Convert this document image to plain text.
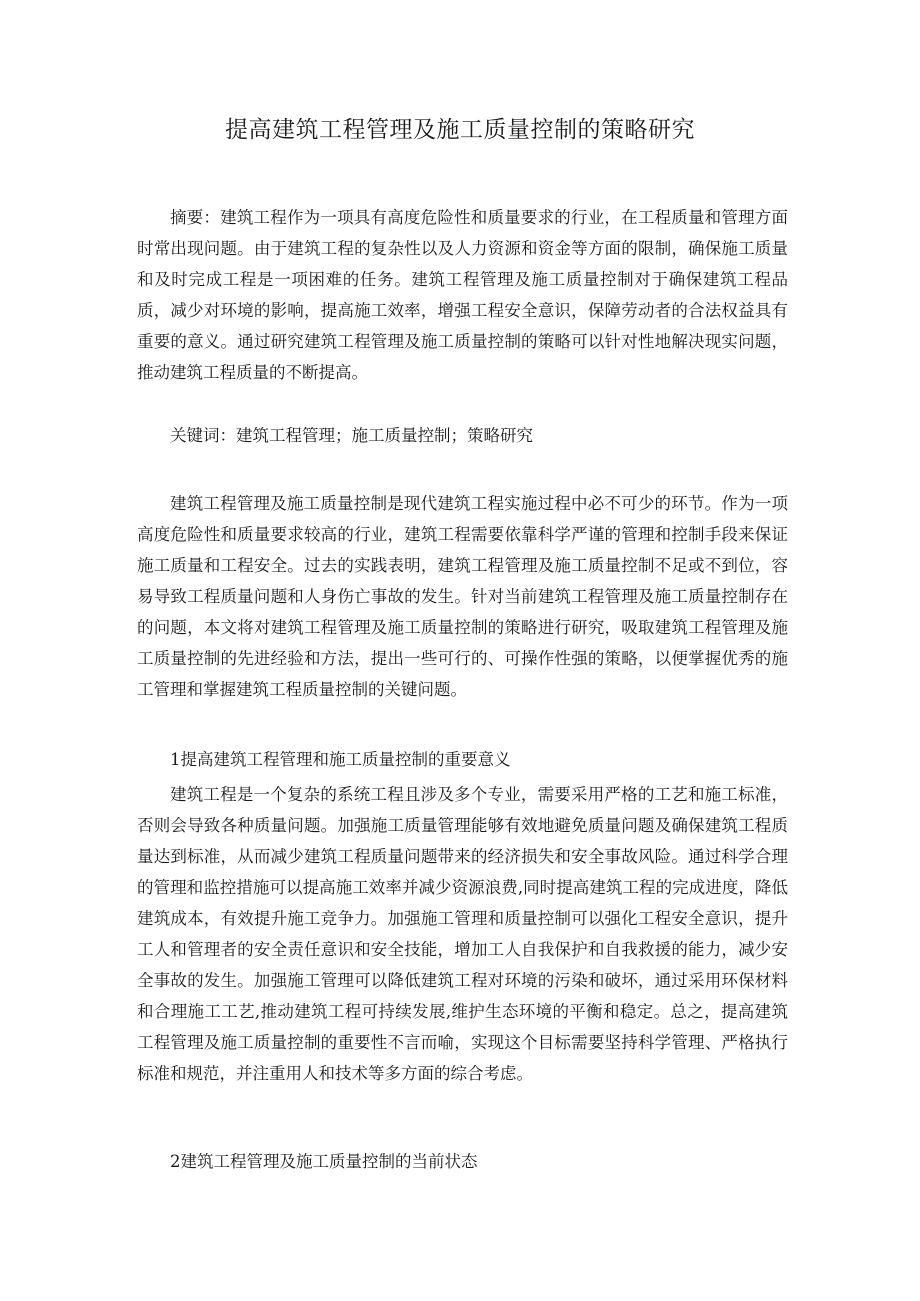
提高建筑工程管理及施工质量控制的策略研究

摘要：建筑工程作为一项具有高度危险性和质量要求的行业，在工程质量和管理方面时常出现问题。由于建筑工程的复杂性以及人力资源和资金等方面的限制，确保施工质量和及时完成工程是一项困难的任务。建筑工程管理及施工质量控制对于确保建筑工程品质，减少对环境的影响，提高施工效率，增强工程安全意识，保障劳动者的合法权益具有重要的意义。通过研究建筑工程管理及施工质量控制的策略可以针对性地解决现实问题，推动建筑工程质量的不断提高。

关键词：建筑工程管理；施工质量控制；策略研究

建筑工程管理及施工质量控制是现代建筑工程实施过程中必不可少的环节。作为一项高度危险性和质量要求较高的行业，建筑工程需要依靠科学严谨的管理和控制手段来保证施工质量和工程安全。过去的实践表明，建筑工程管理及施工质量控制不足或不到位，容易导致工程质量问题和人身伤亡事故的发生。针对当前建筑工程管理及施工质量控制存在的问题，本文将对建筑工程管理及施工质量控制的策略进行研究，吸取建筑工程管理及施工质量控制的先进经验和方法，提出一些可行的、可操作性强的策略，以便掌握优秀的施工管理和掌握建筑工程质量控制的关键问题。

1提高建筑工程管理和施工质量控制的重要意义

建筑工程是一个复杂的系统工程且涉及多个专业，需要采用严格的工艺和施工标准，否则会导致各种质量问题。加强施工质量管理能够有效地避免质量问题及确保建筑工程质量达到标准，从而减少建筑工程质量问题带来的经济损失和安全事故风险。通过科学合理的管理和监控措施可以提高施工效率并减少资源浪费,同时提高建筑工程的完成进度，降低建筑成本，有效提升施工竞争力。加强施工管理和质量控制可以强化工程安全意识，提升工人和管理者的安全责任意识和安全技能，增加工人自我保护和自我救援的能力，减少安全事故的发生。加强施工管理可以降低建筑工程对环境的污染和破坏，通过采用环保材料和合理施工工艺,推动建筑工程可持续发展,维护生态环境的平衡和稳定。总之，提高建筑工程管理及施工质量控制的重要性不言而喻，实现这个目标需要坚持科学管理、严格执行标准和规范，并注重用人和技术等多方面的综合考虑。

2建筑工程管理及施工质量控制的当前状态
